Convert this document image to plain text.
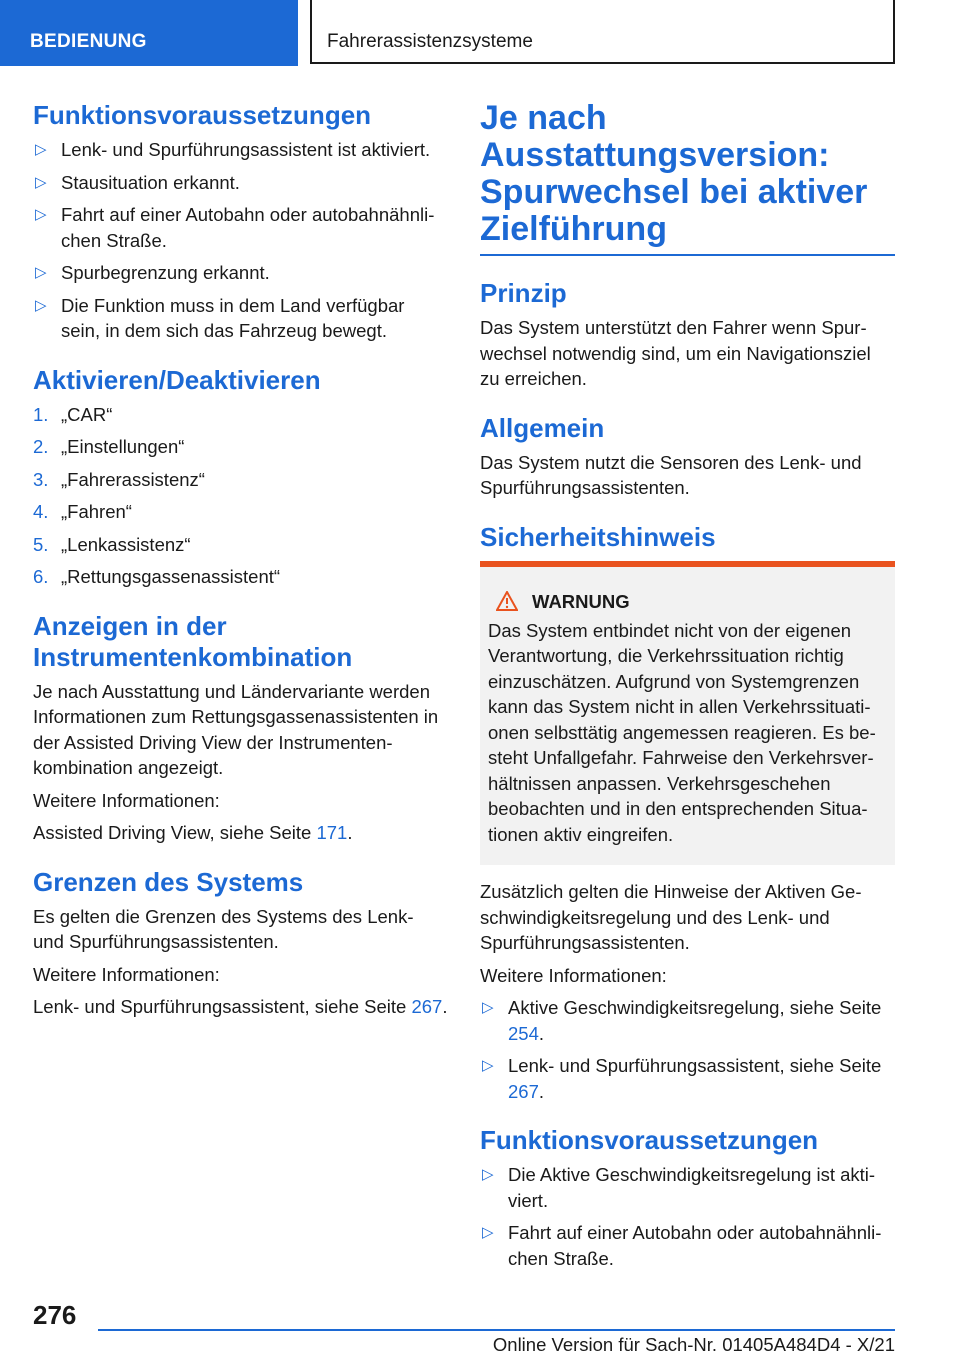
BEDIENUNG	Fahrerassistenzsysteme
Funktionsvoraussetzungen
▷ Lenk- und Spurführungsassistent ist aktiviert.
▷ Stausituation erkannt.
▷ Fahrt auf einer Autobahn oder autobahnähnlichen Straße.
▷ Spurbegrenzung erkannt.
▷ Die Funktion muss in dem Land verfügbar sein, in dem sich das Fahrzeug bewegt.
Aktivieren/Deaktivieren
1. „CAR“
2. „Einstellungen“
3. „Fahrerassistenz“
4. „Fahren“
5. „Lenkassistenz“
6. „Rettungsgassenassistent“
Anzeigen in der Instrumentenkombination

Je nach Ausstattung und Ländervariante werden Informationen zum Rettungsgassenassistenten in der Assisted Driving View der Instrumentenkombination angezeigt.

Weitere Informationen:

Assisted Driving View, siehe Seite 171.

Grenzen des Systems

Es gelten die Grenzen des Systems des Lenk- und Spurführungsassistenten.

Weitere Informationen:

Lenk- und Spurführungsassistent, siehe Seite 267.

Je nach Ausstattungsversion: Spurwechsel bei aktiver Zielführung
Prinzip

Das System unterstützt den Fahrer wenn Spurwechsel notwendig sind, um ein Navigationsziel zu erreichen.

Allgemein

Das System nutzt die Sensoren des Lenk- und Spurführungsassistenten.

Sicherheitshinweis
WARNUNG

Das System entbindet nicht von der eigenen Verantwortung, die Verkehrssituation richtig einzuschätzen. Aufgrund von Systemgrenzen kann das System nicht in allen Verkehrssituationen selbsttätig angemessen reagieren. Es besteht Unfallgefahr. Fahrweise den Verkehrsverhältnissen anpassen. Verkehrsgeschehen beobachten und in den entsprechenden Situationen aktiv eingreifen.

Zusätzlich gelten die Hinweise der Aktiven Geschwindigkeitsregelung und des Lenk- und Spurführungsassistenten.

Weitere Informationen:

▷ Aktive Geschwindigkeitsregelung, siehe Seite 254.
▷ Lenk- und Spurführungsassistent, siehe Seite 267.
Funktionsvoraussetzungen
▷ Die Aktive Geschwindigkeitsregelung ist aktiviert.
▷ Fahrt auf einer Autobahn oder autobahnähnlichen Straße.
276
Online Version für Sach-Nr. 01405A484D4 - X/21
